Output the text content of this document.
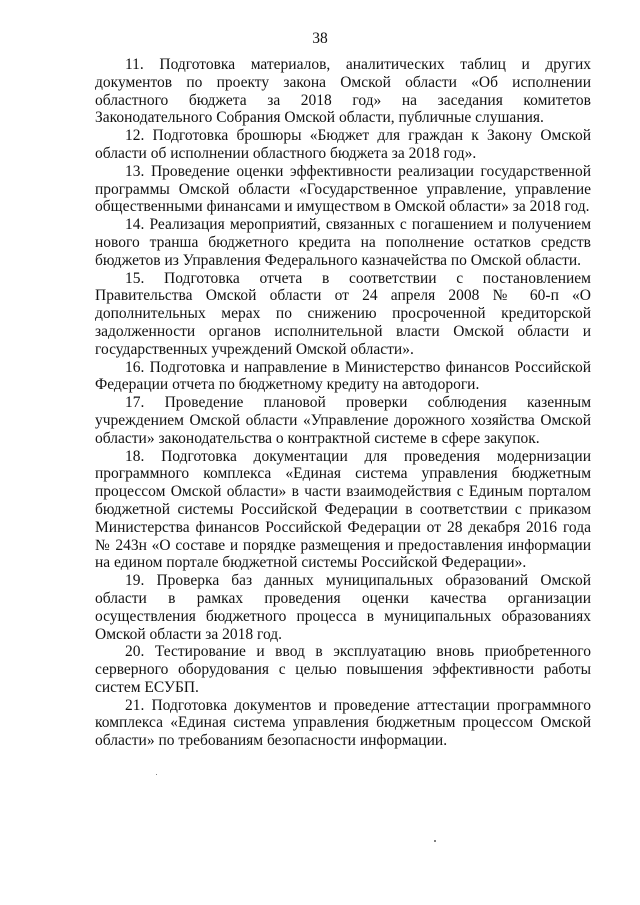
38

11. Подготовка материалов, аналитических таблиц и других документов по проекту закона Омской области «Об исполнении областного бюджета за 2018 год» на заседания комитетов Законодательного Собрания Омской области, публичные слушания.

12. Подготовка брошюры «Бюджет для граждан к Закону Омской области об исполнении областного бюджета за 2018 год».

13. Проведение оценки эффективности реализации государственной программы Омской области «Государственное управление, управление общественными финансами и имуществом в Омской области» за 2018 год.

14. Реализация мероприятий, связанных с погашением и получением нового транша бюджетного кредита на пополнение остатков средств бюджетов из Управления Федерального казначейства по Омской области.

15. Подготовка отчета в соответствии с постановлением Правительства Омской области от 24 апреля 2008 № 60-п «О дополнительных мерах по снижению просроченной кредиторской задолженности органов исполнительной власти Омской области и государственных учреждений Омской области».

16. Подготовка и направление в Министерство финансов Российской Федерации отчета по бюджетному кредиту на автодороги.

17. Проведение плановой проверки соблюдения казенным учреждением Омской области «Управление дорожного хозяйства Омской области» законодательства о контрактной системе в сфере закупок.

18. Подготовка документации для проведения модернизации программного комплекса «Единая система управления бюджетным процессом Омской области» в части взаимодействия с Единым порталом бюджетной системы Российской Федерации в соответствии с приказом Министерства финансов Российской Федерации от 28 декабря 2016 года № 243н «О составе и порядке размещения и предоставления информации на едином портале бюджетной системы Российской Федерации».

19. Проверка баз данных муниципальных образований Омской области в рамках проведения оценки качества организации осуществления бюджетного процесса в муниципальных образованиях Омской области за 2018 год.

20. Тестирование и ввод в эксплуатацию вновь приобретенного серверного оборудования с целью повышения эффективности работы систем ЕСУБП.

21. Подготовка документов и проведение аттестации программного комплекса «Единая система управления бюджетным процессом Омской области» по требованиям безопасности информации.
